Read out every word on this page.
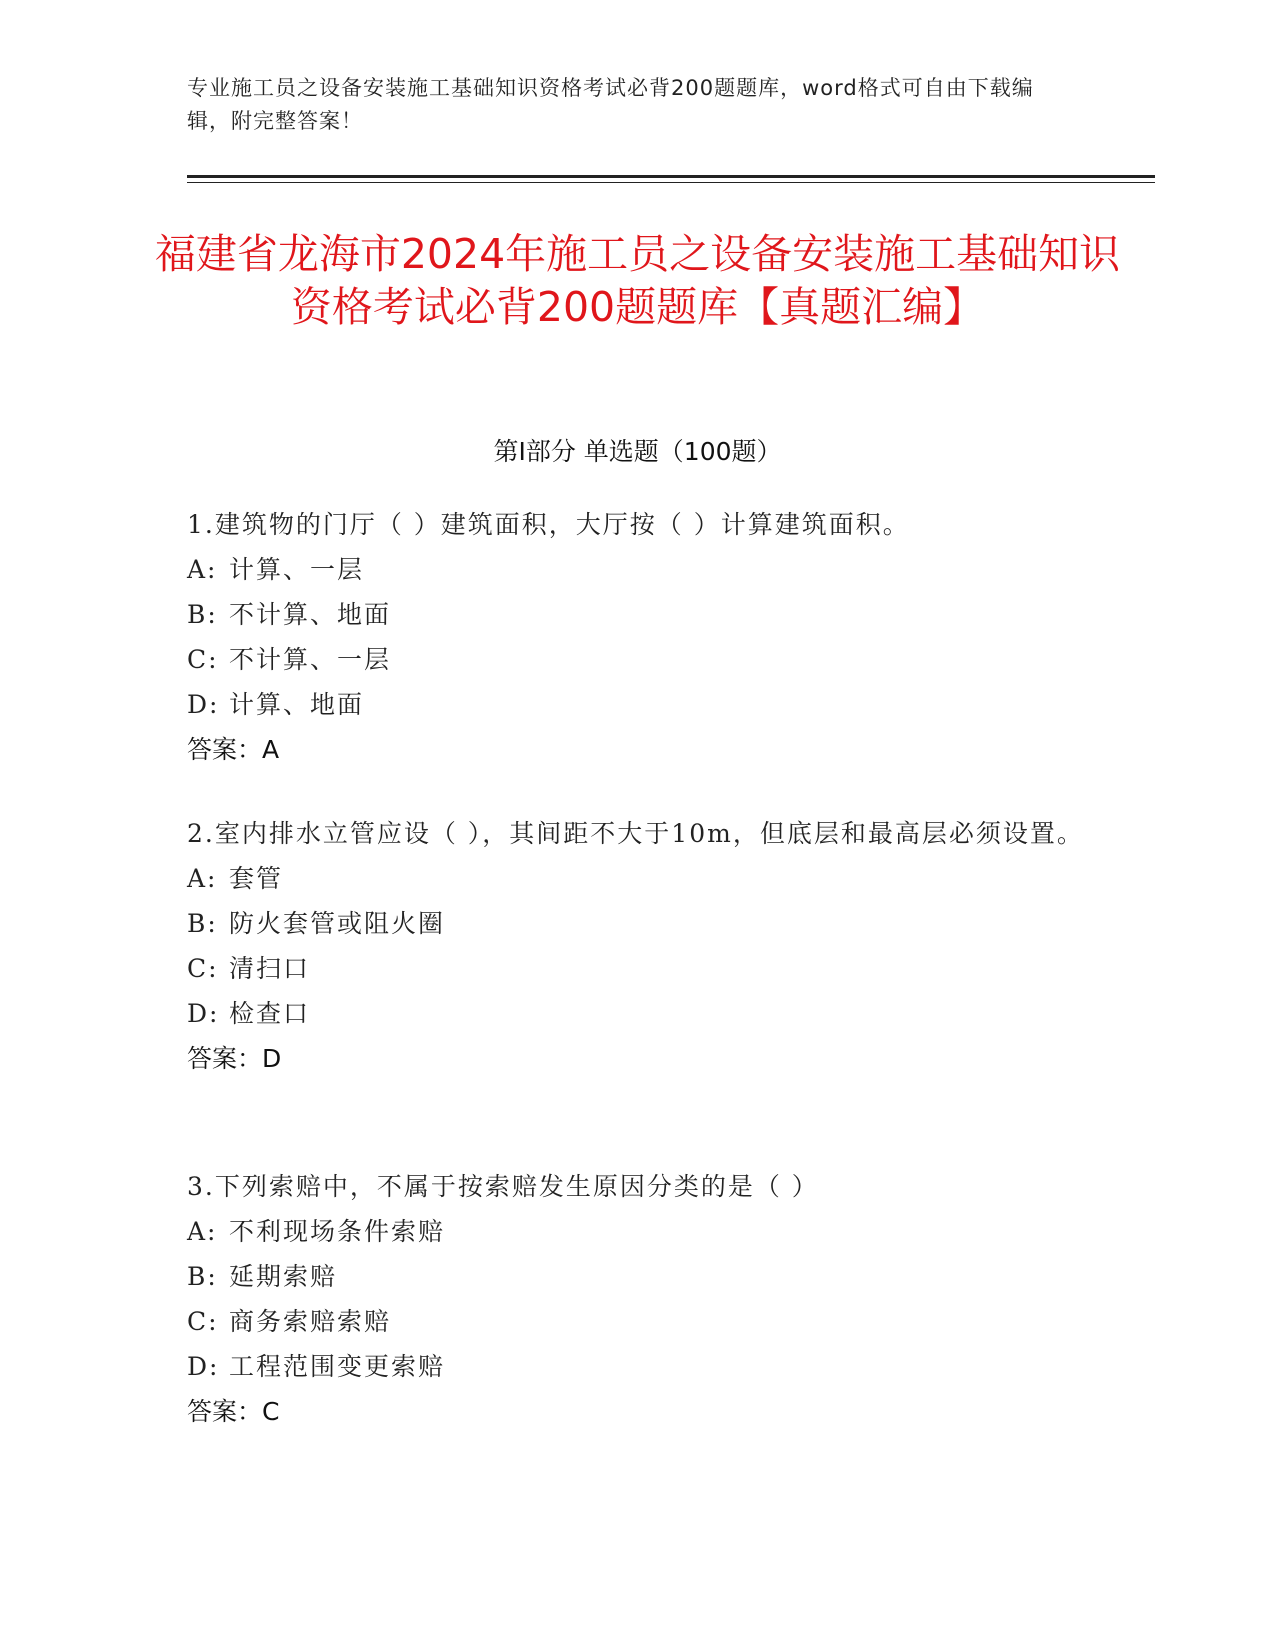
专业施工员之设备安装施工基础知识资格考试必背200题题库，word格式可自由下载编辑，附完整答案！
福建省龙海市2024年施工员之设备安装施工基础知识资格考试必背200题题库【真题汇编】
第Ⅰ部分 单选题（100题）
1.建筑物的门厅（ ）建筑面积，大厅按（ ）计算建筑面积。
A: 计算、一层
B: 不计算、地面
C: 不计算、一层
D: 计算、地面
答案：A
2.室内排水立管应设（ ），其间距不大于10m，但底层和最高层必须设置。
A: 套管
B: 防火套管或阻火圈
C: 清扫口
D: 检查口
答案：D
3.下列索赔中，不属于按索赔发生原因分类的是（ ）
A: 不利现场条件索赔
B: 延期索赔
C: 商务索赔索赔
D: 工程范围变更索赔
答案：C
